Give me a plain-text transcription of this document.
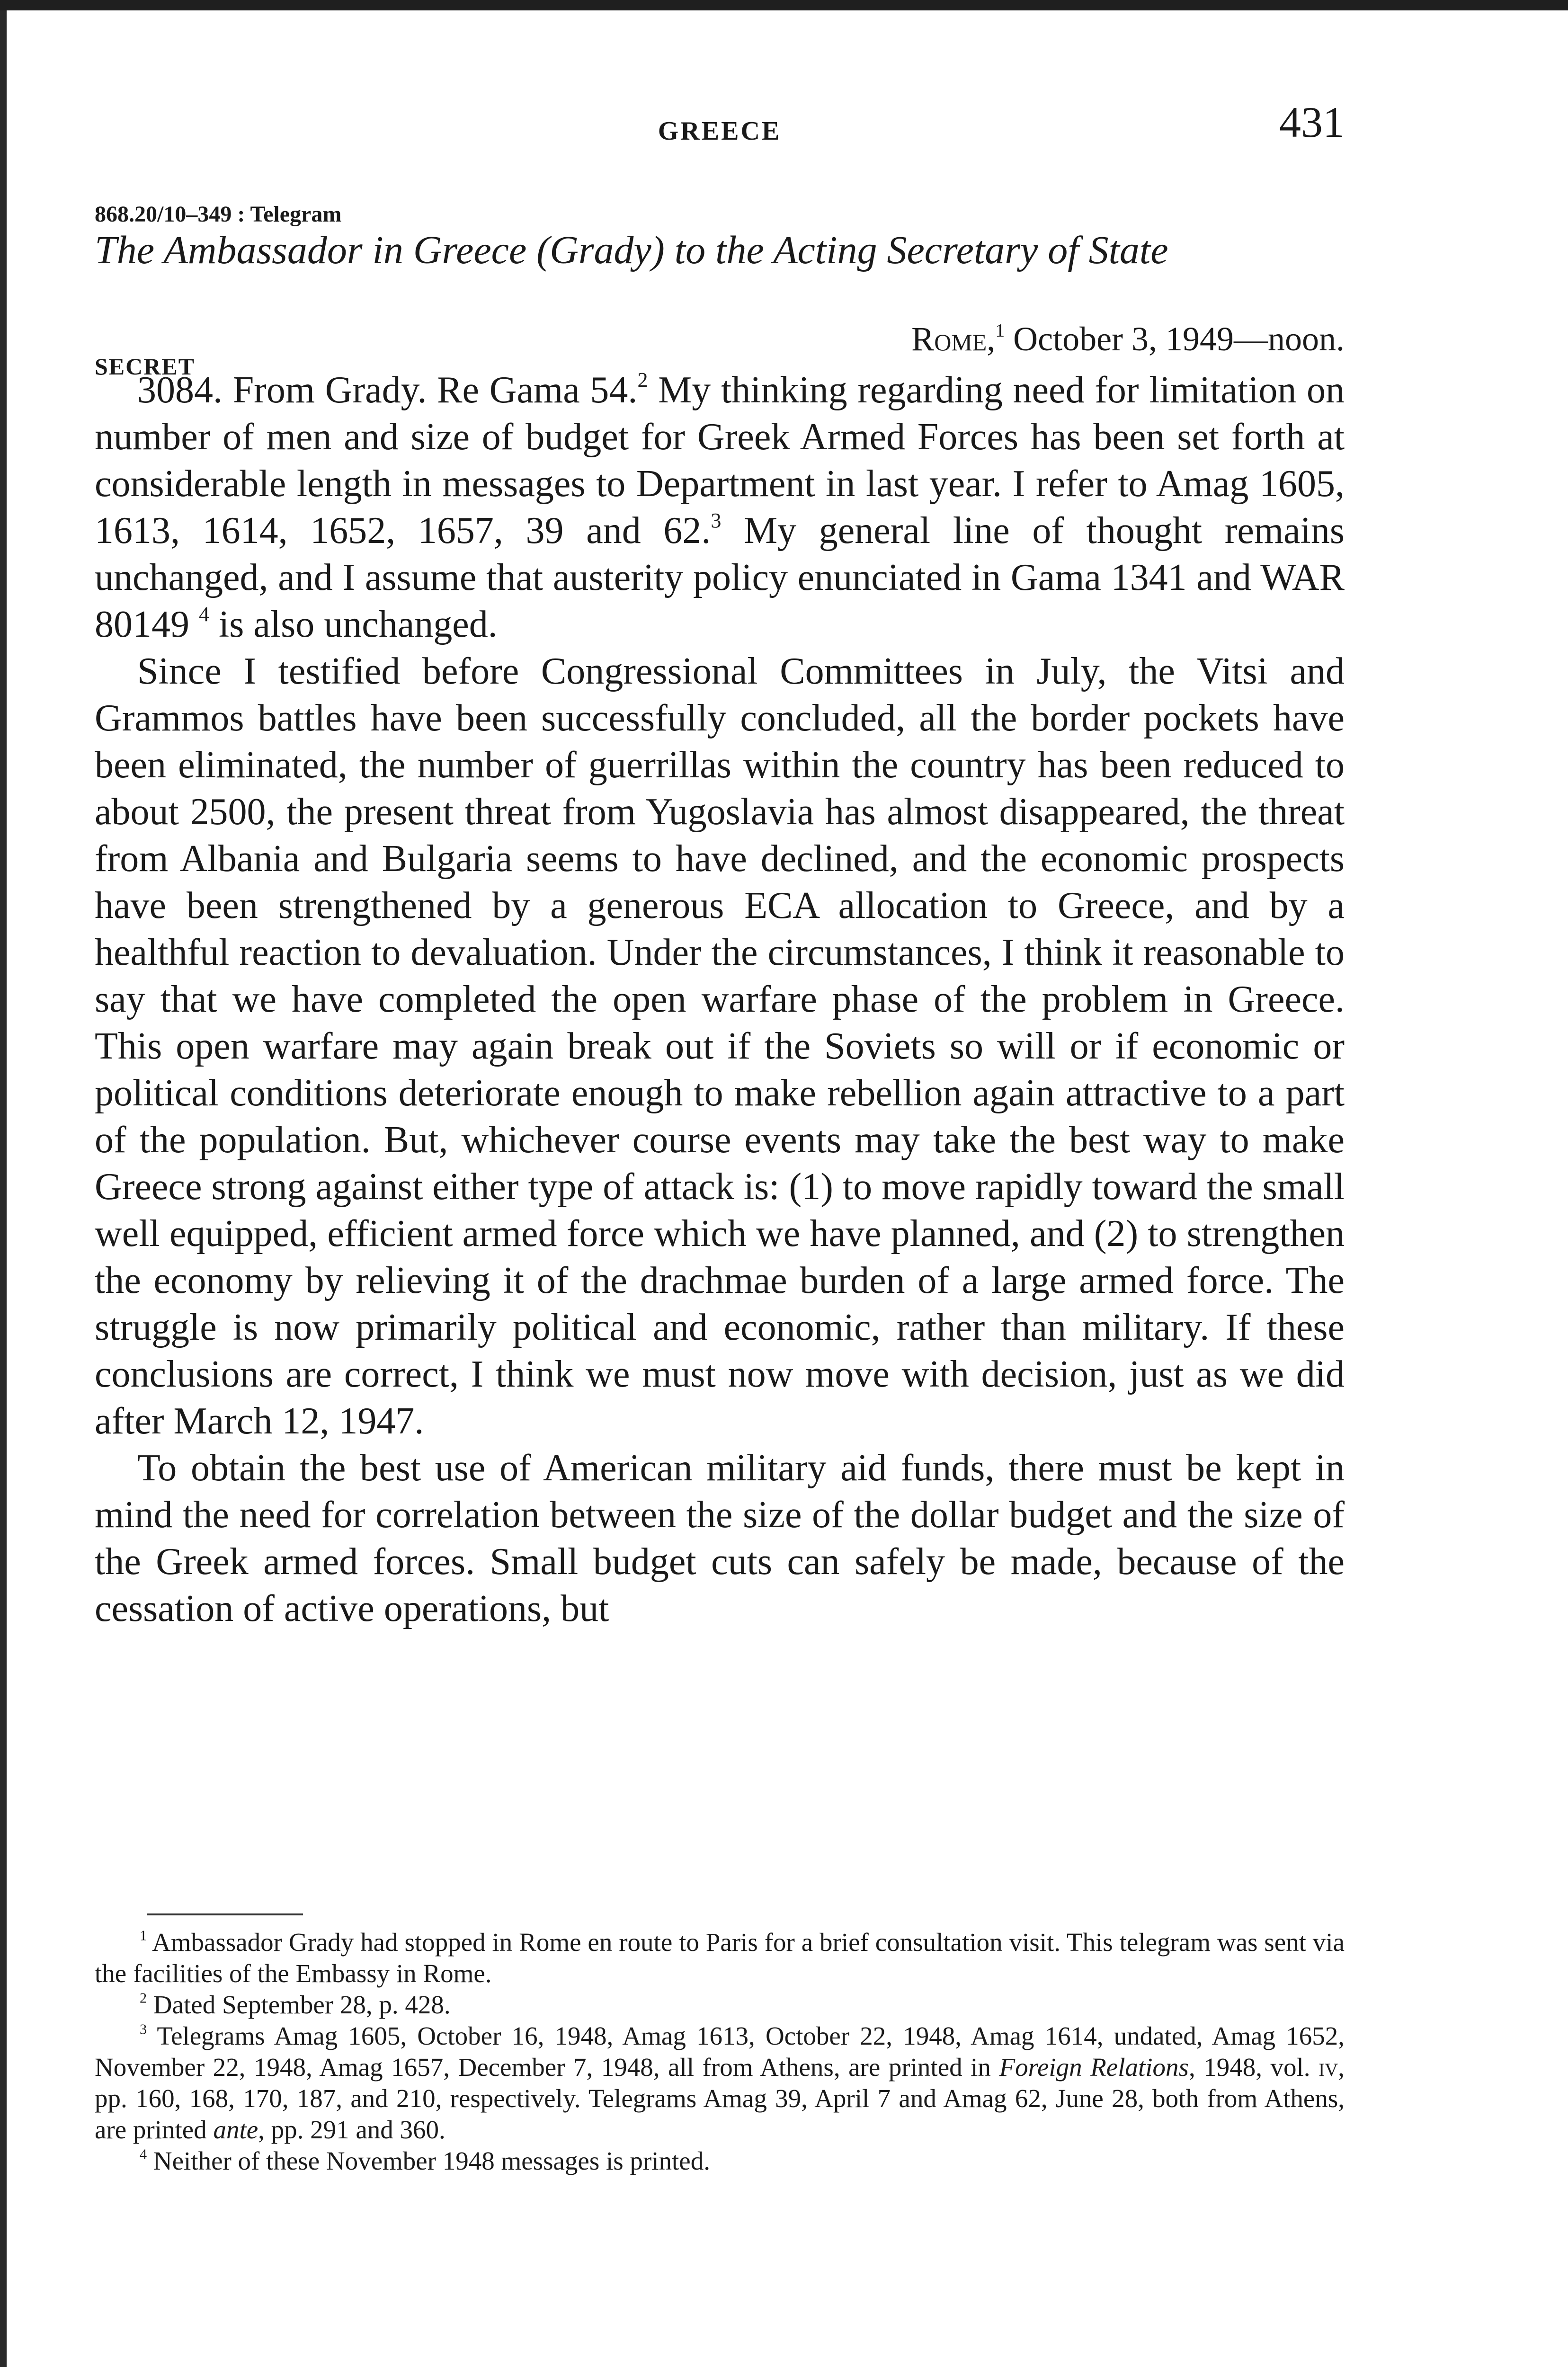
GREECE	431
868.20/10–349 : Telegram
The Ambassador in Greece (Grady) to the Acting Secretary of State
Rome,$^1$ October 3, 1949—noon.
SECRET

3084. From Grady. Re Gama 54.$^2$ My thinking regarding need for limitation on number of men and size of budget for Greek Armed Forces has been set forth at considerable length in messages to Department in last year. I refer to Amag 1605, 1613, 1614, 1652, 1657, 39 and 62.$^3$ My general line of thought remains unchanged, and I assume that austerity policy enunciated in Gama 1341 and WAR 80149 $^4$ is also unchanged.

Since I testified before Congressional Committees in July, the Vitsi and Grammos battles have been successfully concluded, all the border pockets have been eliminated, the number of guerrillas within the country has been reduced to about 2500, the present threat from Yugoslavia has almost disappeared, the threat from Albania and Bulgaria seems to have declined, and the economic prospects have been strengthened by a generous ECA allocation to Greece, and by a healthful reaction to devaluation. Under the circumstances, I think it reasonable to say that we have completed the open warfare phase of the problem in Greece. This open warfare may again break out if the Soviets so will or if economic or political conditions deteriorate enough to make rebellion again attractive to a part of the population. But, whichever course events may take the best way to make Greece strong against either type of attack is: (1) to move rapidly toward the small well equipped, efficient armed force which we have planned, and (2) to strengthen the economy by relieving it of the drachmae burden of a large armed force. The struggle is now primarily political and economic, rather than military. If these conclusions are correct, I think we must now move with decision, just as we did after March 12, 1947.

To obtain the best use of American military aid funds, there must be kept in mind the need for correlation between the size of the dollar budget and the size of the Greek armed forces. Small budget cuts can safely be made, because of the cessation of active operations, but

$^1$ Ambassador Grady had stopped in Rome en route to Paris for a brief consultation visit. This telegram was sent via the facilities of the Embassy in Rome.

$^2$ Dated September 28, p. 428.

$^3$ Telegrams Amag 1605, October 16, 1948, Amag 1613, October 22, 1948, Amag 1614, undated, Amag 1652, November 22, 1948, Amag 1657, December 7, 1948, all from Athens, are printed in Foreign Relations, 1948, vol. iv, pp. 160, 168, 170, 187, and 210, respectively. Telegrams Amag 39, April 7 and Amag 62, June 28, both from Athens, are printed ante, pp. 291 and 360.

$^4$ Neither of these November 1948 messages is printed.
